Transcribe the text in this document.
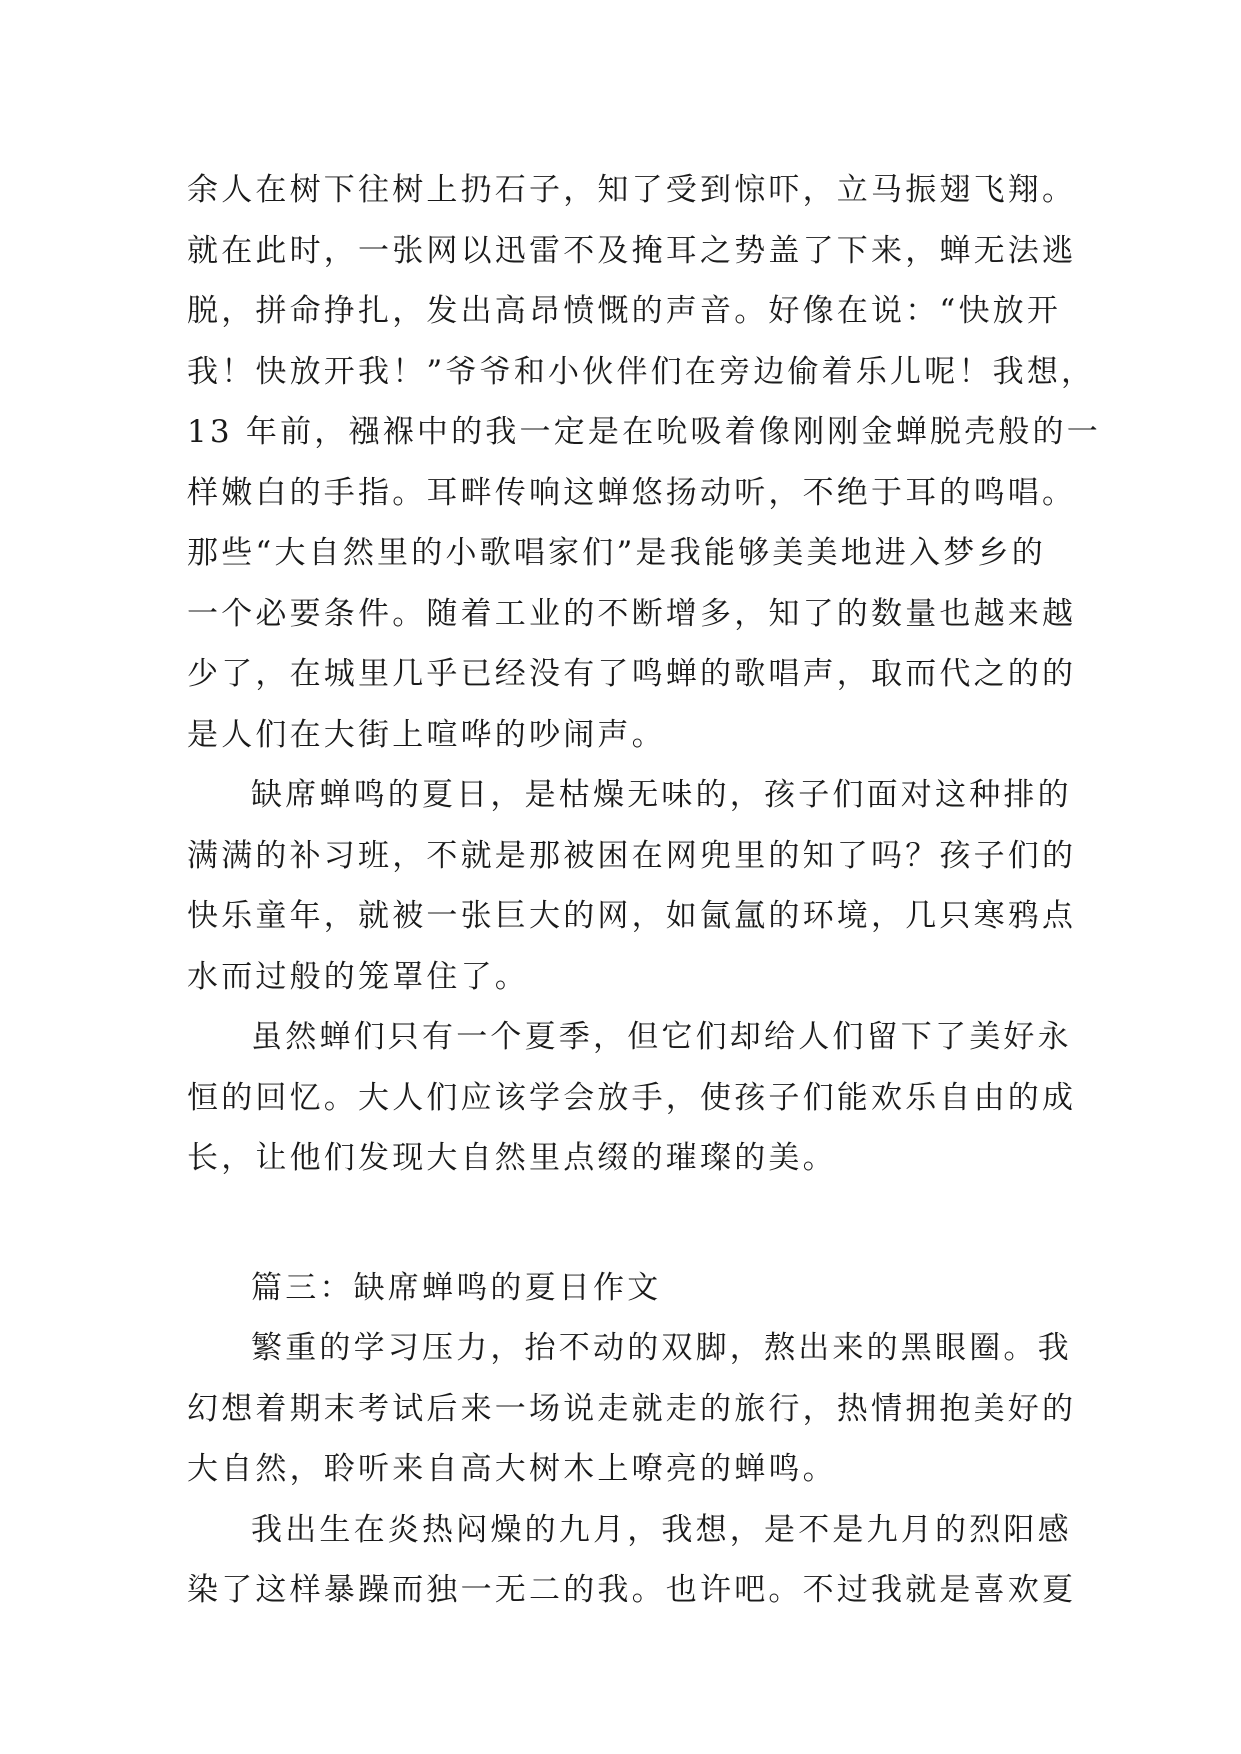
余人在树下往树上扔石子，知了受到惊吓，立马振翅飞翔。
就在此时，一张网以迅雷不及掩耳之势盖了下来，蝉无法逃
脱，拼命挣扎，发出高昂愤慨的声音。好像在说：“快放开
我！快放开我！”爷爷和小伙伴们在旁边偷着乐儿呢！我想，
13 年前，襁褓中的我一定是在吮吸着像刚刚金蝉脱壳般的一
样嫩白的手指。耳畔传响这蝉悠扬动听，不绝于耳的鸣唱。
那些“大自然里的小歌唱家们”是我能够美美地进入梦乡的
一个必要条件。随着工业的不断增多，知了的数量也越来越
少了，在城里几乎已经没有了鸣蝉的歌唱声，取而代之的的
是人们在大街上喧哗的吵闹声。
缺席蝉鸣的夏日，是枯燥无味的，孩子们面对这种排的
满满的补习班，不就是那被困在网兜里的知了吗？孩子们的
快乐童年，就被一张巨大的网，如氤氲的环境，几只寒鸦点
水而过般的笼罩住了。
虽然蝉们只有一个夏季，但它们却给人们留下了美好永
恒的回忆。大人们应该学会放手，使孩子们能欢乐自由的成
长，让他们发现大自然里点缀的璀璨的美。
篇三：缺席蝉鸣的夏日作文
繁重的学习压力，抬不动的双脚，熬出来的黑眼圈。我
幻想着期末考试后来一场说走就走的旅行，热情拥抱美好的
大自然，聆听来自高大树木上嘹亮的蝉鸣。
我出生在炎热闷燥的九月，我想，是不是九月的烈阳感
染了这样暴躁而独一无二的我。也许吧。不过我就是喜欢夏
